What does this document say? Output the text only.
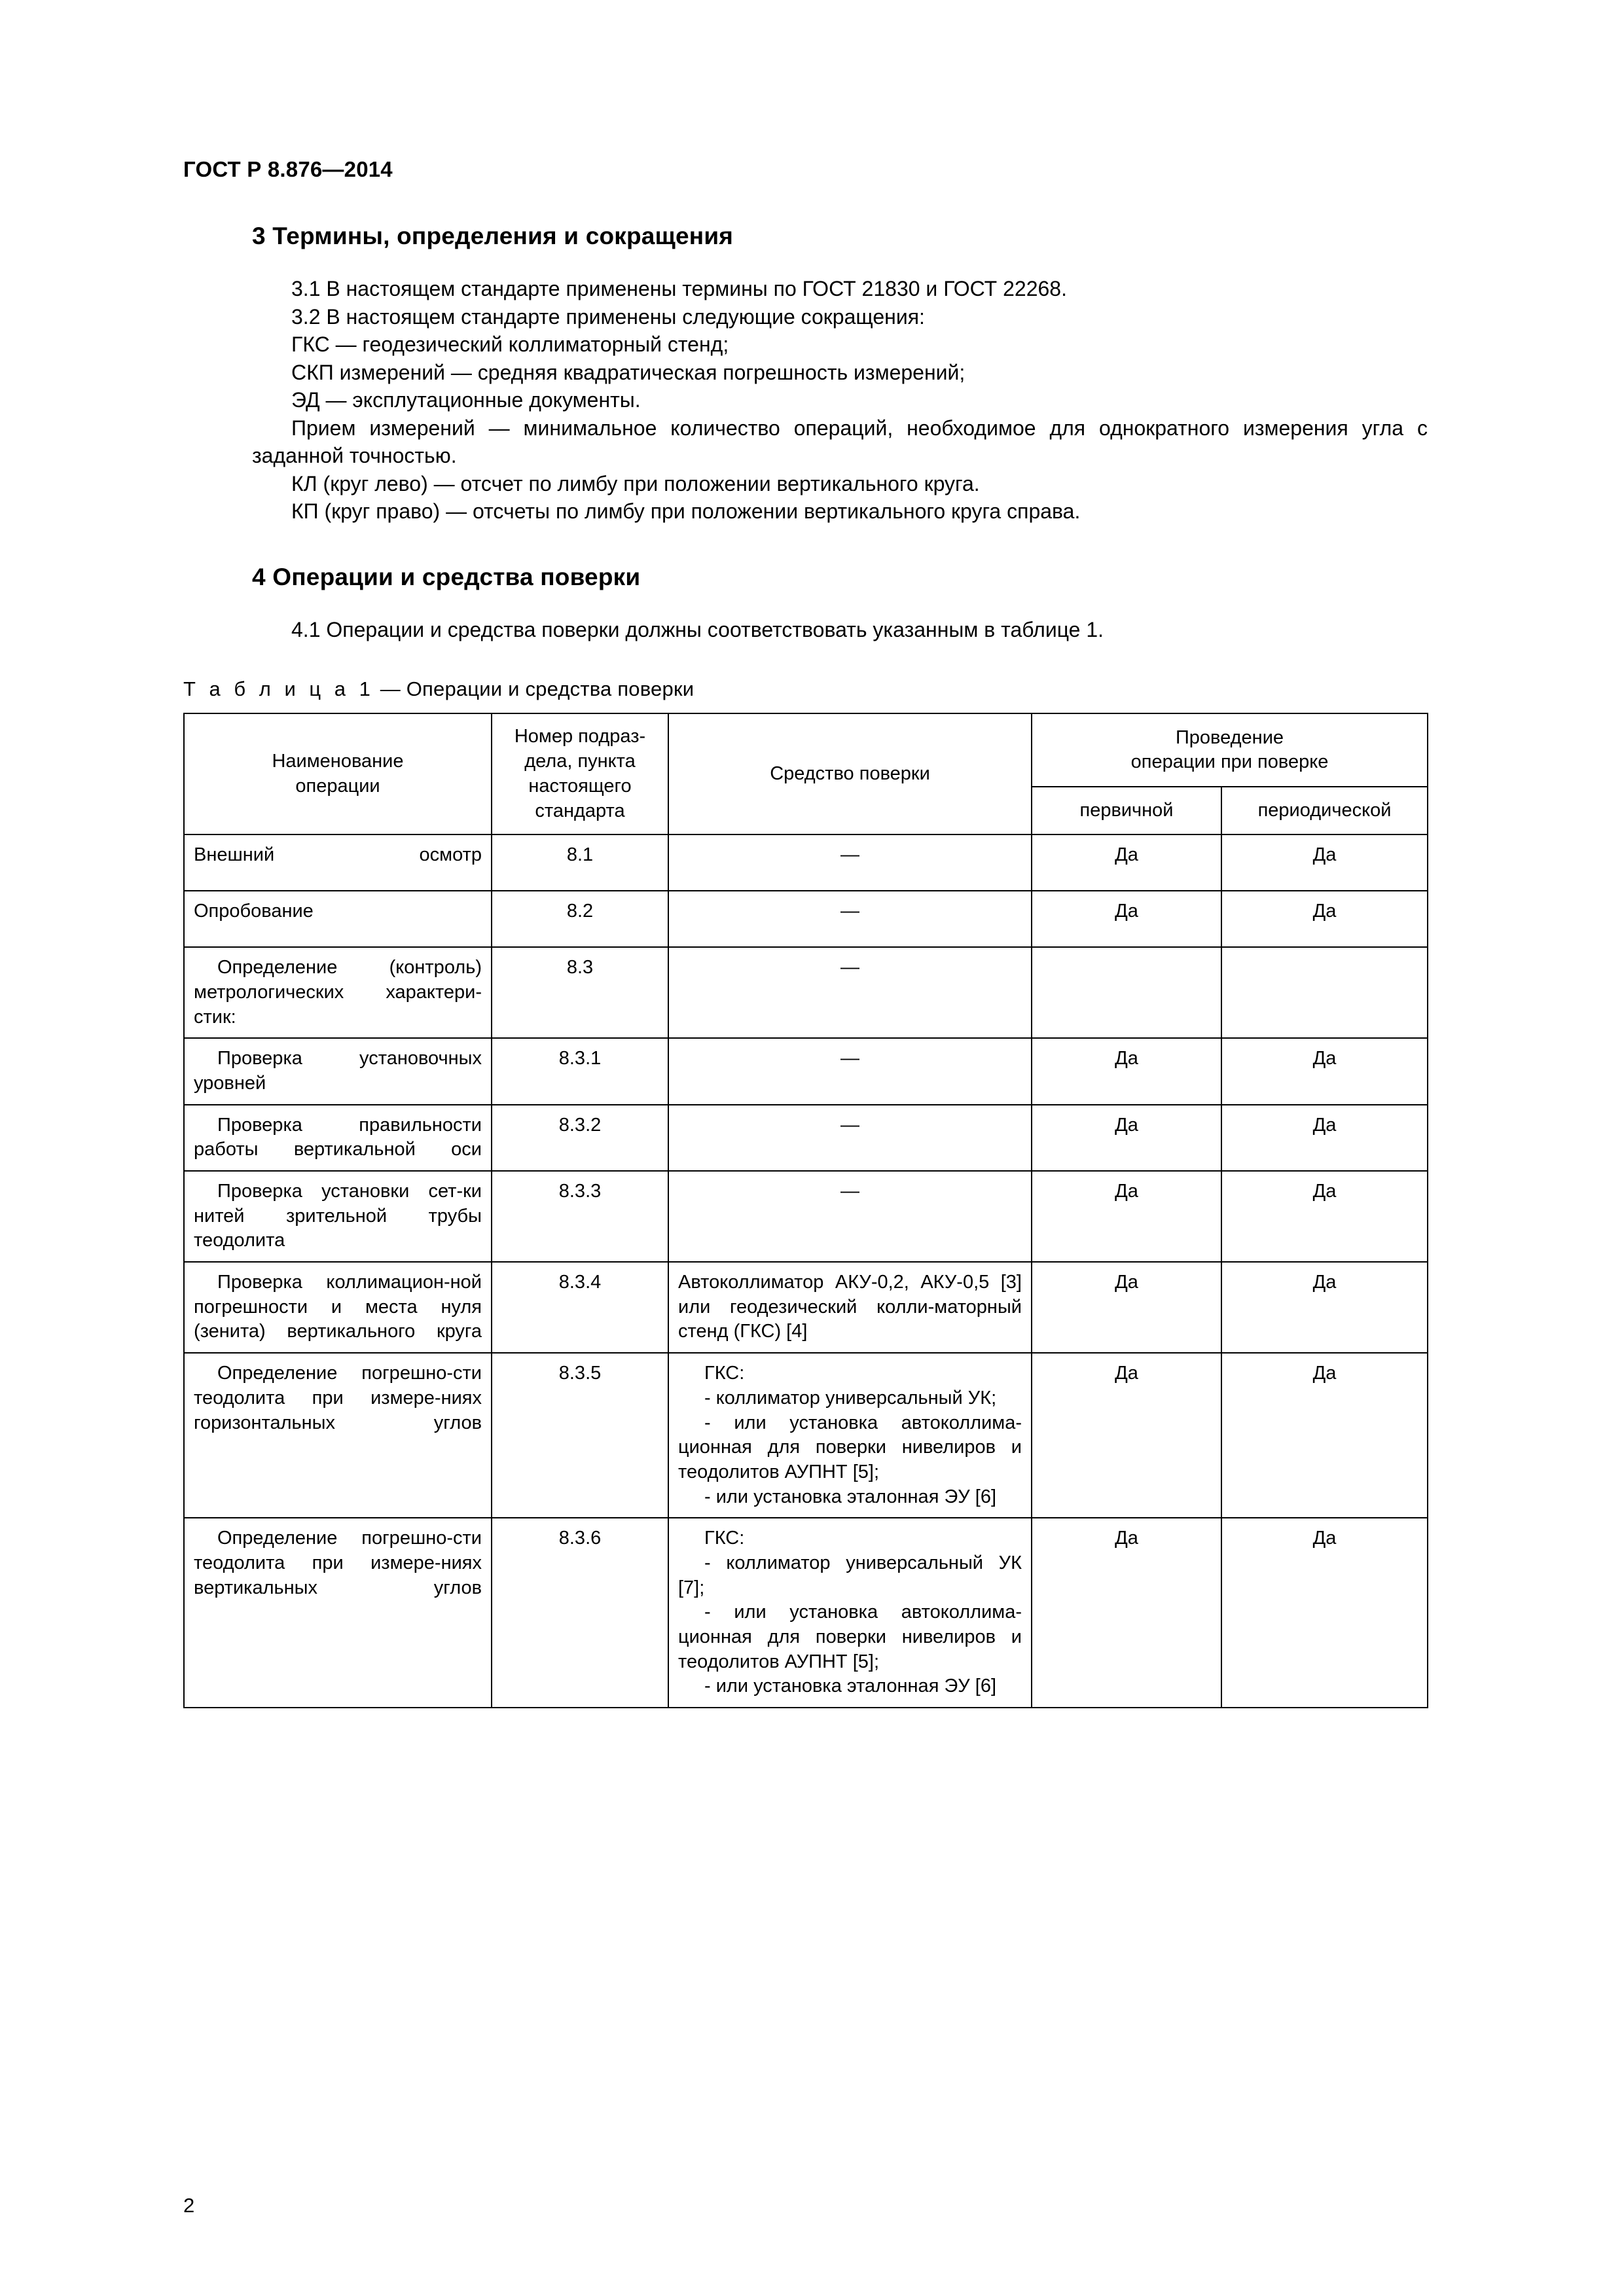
ГОСТ Р 8.876—2014
3 Термины, определения и сокращения

3.1 В настоящем стандарте применены термины по ГОСТ 21830 и ГОСТ 22268.

3.2 В настоящем стандарте применены следующие сокращения:

ГКС — геодезический коллиматорный стенд;

СКП измерений — средняя квадратическая погрешность измерений;

ЭД — эксплутационные документы.

Прием измерений — минимальное количество операций, необходимое для однократного измерения угла с заданной точностью.

КЛ (круг лево) — отсчет по лимбу при положении вертикального круга.

КП (круг право) — отсчеты по лимбу при положении вертикального круга справа.

4 Операции и средства поверки

4.1 Операции и средства поверки должны соответствовать указанным в таблице 1.

Т а б л и ц а 1 — Операции и средства поверки
Наименование
операции	Номер подраз-
дела, пункта
настоящего
стандарта	Средство поверки	Проведение
операции при поверке	
			первичной	периодической
Внешний осмотр	8.1	—	Да	Да
Опробование	8.2	—	Да	Да

Определение (контроль) метрологических характери-стик:	8.3	—		

Проверка установочных уровней	8.3.1	—	Да	Да

Проверка правильности работы вертикальной оси	8.3.2	—	Да	Да

Проверка установки сет-ки нитей зрительной трубы теодолита	8.3.3	—	Да	Да

Проверка коллимацион-ной погрешности и места нуля (зенита) вертикального круга	8.3.4	Автоколлиматор АКУ-0,2, АКУ-0,5 [3] или геодезический колли-маторный стенд (ГКС) [4]	Да	Да

Определение погрешно-сти теодолита при измере-ниях горизонтальных углов	8.3.5	ГКС:
- коллиматор универсальный УК;
- или установка автоколлима-ционная для поверки нивелиров и теодолитов АУПНТ [5];
- или установка эталонная ЭУ [6]	Да	Да

Определение погрешно-сти теодолита при измере-ниях вертикальных углов	8.3.6	ГКС:
- коллиматор универсальный УК [7];
- или установка автоколлима-ционная для поверки нивелиров и теодолитов АУПНТ [5];
- или установка эталонная ЭУ [6]	Да	Да
2
